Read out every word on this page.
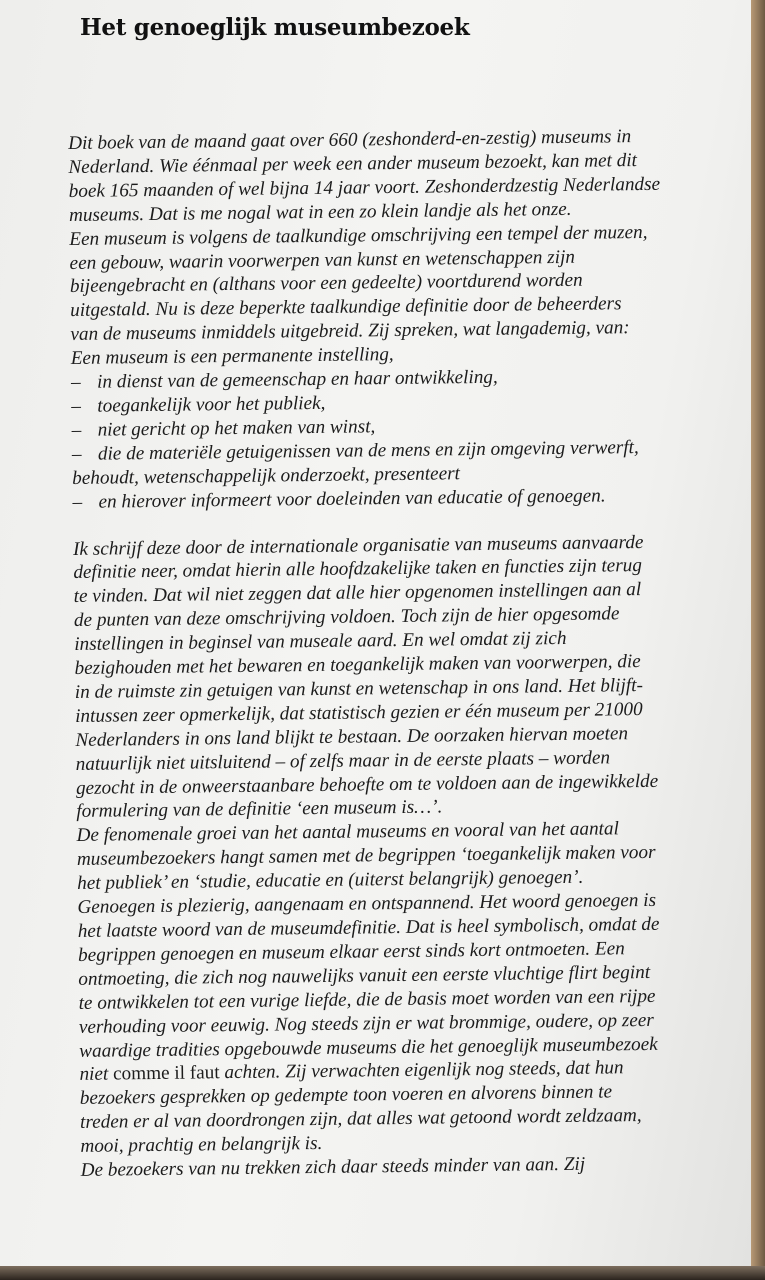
Het genoeglijk museumbezoek
Dit boek van de maand gaat over 660 (zeshonderd-en-zestig) museums in
Nederland. Wie éénmaal per week een ander museum bezoekt, kan met dit
boek 165 maanden of wel bijna 14 jaar voort. Zeshonderdzestig Nederlandse
museums. Dat is me nogal wat in een zo klein landje als het onze.
Een museum is volgens de taalkundige omschrijving een tempel der muzen,
een gebouw, waarin voorwerpen van kunst en wetenschappen zijn
bijeengebracht en (althans voor een gedeelte) voortdurend worden
uitgestald. Nu is deze beperkte taalkundige definitie door de beheerders
van de museums inmiddels uitgebreid. Zij spreken, wat langademig, van:
Een museum is een permanente instelling,
– in dienst van de gemeenschap en haar ontwikkeling,
– toegankelijk voor het publiek,
– niet gericht op het maken van winst,
– die de materiële getuigenissen van de mens en zijn omgeving verwerft,
behoudt, wetenschappelijk onderzoekt, presenteert
– en hierover informeert voor doeleinden van educatie of genoegen.
Ik schrijf deze door de internationale organisatie van museums aanvaarde
definitie neer, omdat hierin alle hoofdzakelijke taken en functies zijn terug
te vinden. Dat wil niet zeggen dat alle hier opgenomen instellingen aan al
de punten van deze omschrijving voldoen. Toch zijn de hier opgesomde
instellingen in beginsel van museale aard. En wel omdat zij zich
bezighouden met het bewaren en toegankelijk maken van voorwerpen, die
in de ruimste zin getuigen van kunst en wetenschap in ons land. Het blijft-
intussen zeer opmerkelijk, dat statistisch gezien er één museum per 21000
Nederlanders in ons land blijkt te bestaan. De oorzaken hiervan moeten
natuurlijk niet uitsluitend – of zelfs maar in de eerste plaats – worden
gezocht in de onweerstaanbare behoefte om te voldoen aan de ingewikkelde
formulering van de definitie ‘een museum is…’.
De fenomenale groei van het aantal museums en vooral van het aantal
museumbezoekers hangt samen met de begrippen ‘toegankelijk maken voor
het publiek’ en ‘studie, educatie en (uiterst belangrijk) genoegen’.
Genoegen is plezierig, aangenaam en ontspannend. Het woord genoegen is
het laatste woord van de museumdefinitie. Dat is heel symbolisch, omdat de
begrippen genoegen en museum elkaar eerst sinds kort ontmoeten. Een
ontmoeting, die zich nog nauwelijks vanuit een eerste vluchtige flirt begint
te ontwikkelen tot een vurige liefde, die de basis moet worden van een rijpe
verhouding voor eeuwig. Nog steeds zijn er wat brommige, oudere, op zeer
waardige tradities opgebouwde museums die het genoeglijk museumbezoek
niet comme il faut achten. Zij verwachten eigenlijk nog steeds, dat hun
bezoekers gesprekken op gedempte toon voeren en alvorens binnen te
treden er al van doordrongen zijn, dat alles wat getoond wordt zeldzaam,
mooi, prachtig en belangrijk is.
De bezoekers van nu trekken zich daar steeds minder van aan. Zij
